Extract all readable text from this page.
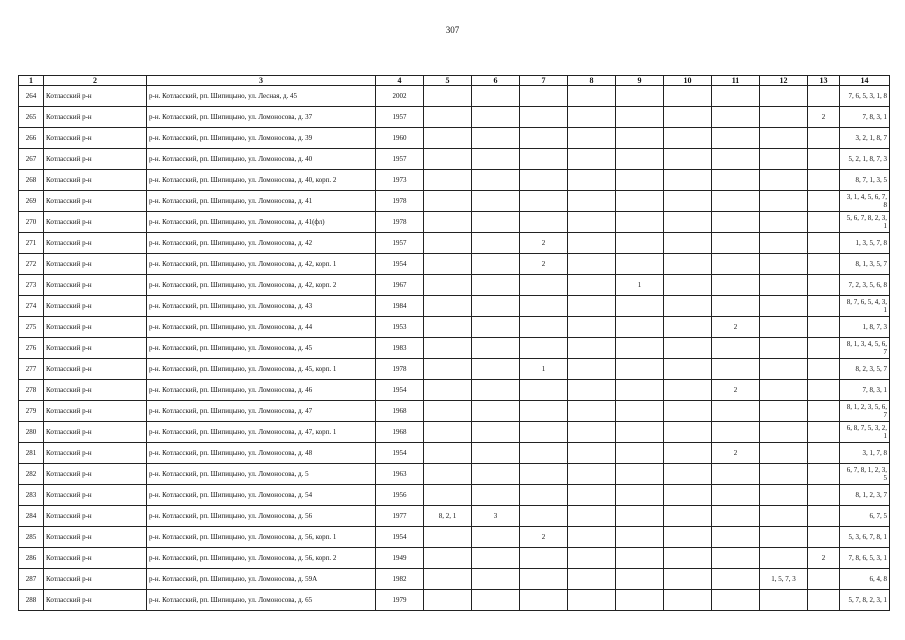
307
1	2	3	4	5	6	7	8	9	10	11	12	13	14
264	Котласский р-н	р-н. Котласский, рп. Шипицыно, ул. Лесная, д. 45	2002										7, 6, 5, 3, 1, 8
265	Котласский р-н	р-н. Котласский, рп. Шипицыно, ул. Ломоносова, д. 37	1957									2	7, 8, 3, 1
266	Котласский р-н	р-н. Котласский, рп. Шипицыно, ул. Ломоносова, д. 39	1960										3, 2, 1, 8, 7
267	Котласский р-н	р-н. Котласский, рп. Шипицыно, ул. Ломоносова, д. 40	1957										5, 2, 1, 8, 7, 3
268	Котласский р-н	р-н. Котласский, рп. Шипицыно, ул. Ломоносова, д. 40, корп. 2	1973										8, 7, 1, 3, 5
269	Котласский р-н	р-н. Котласский, рп. Шипицыно, ул. Ломоносова, д. 41	1978										3, 1, 4, 5, 6, 7, 8
270	Котласский р-н	р-н. Котласский, рп. Шипицыно, ул. Ломоносова, д. 41(фл)	1978										5, 6, 7, 8, 2, 3, 1
271	Котласский р-н	р-н. Котласский, рп. Шипицыно, ул. Ломоносова, д. 42	1957			2							1, 3, 5, 7, 8
272	Котласский р-н	р-н. Котласский, рп. Шипицыно, ул. Ломоносова, д. 42, корп. 1	1954			2							8, 1, 3, 5, 7
273	Котласский р-н	р-н. Котласский, рп. Шипицыно, ул. Ломоносова, д. 42, корп. 2	1967					1					7, 2, 3, 5, 6, 8
274	Котласский р-н	р-н. Котласский, рп. Шипицыно, ул. Ломоносова, д. 43	1984										8, 7, 6, 5, 4, 3, 1
275	Котласский р-н	р-н. Котласский, рп. Шипицыно, ул. Ломоносова, д. 44	1953							2			1, 8, 7, 3
276	Котласский р-н	р-н. Котласский, рп. Шипицыно, ул. Ломоносова, д. 45	1983										8, 1, 3, 4, 5, 6, 7
277	Котласский р-н	р-н. Котласский, рп. Шипицыно, ул. Ломоносова, д. 45, корп. 1	1978			1							8, 2, 3, 5, 7
278	Котласский р-н	р-н. Котласский, рп. Шипицыно, ул. Ломоносова, д. 46	1954							2			7, 8, 3, 1
279	Котласский р-н	р-н. Котласский, рп. Шипицыно, ул. Ломоносова, д. 47	1968										8, 1, 2, 3, 5, 6, 7
280	Котласский р-н	р-н. Котласский, рп. Шипицыно, ул. Ломоносова, д. 47, корп. 1	1968										6, 8, 7, 5, 3, 2, 1
281	Котласский р-н	р-н. Котласский, рп. Шипицыно, ул. Ломоносова, д. 48	1954							2			3, 1, 7, 8
282	Котласский р-н	р-н. Котласский, рп. Шипицыно, ул. Ломоносова, д. 5	1963										6, 7, 8, 1, 2, 3, 5
283	Котласский р-н	р-н. Котласский, рп. Шипицыно, ул. Ломоносова, д. 54	1956										8, 1, 2, 3, 7
284	Котласский р-н	р-н. Котласский, рп. Шипицыно, ул. Ломоносова, д. 56	1977	8, 2, 1	3								6, 7, 5
285	Котласский р-н	р-н. Котласский, рп. Шипицыно, ул. Ломоносова, д. 56, корп. 1	1954			2							5, 3, 6, 7, 8, 1
286	Котласский р-н	р-н. Котласский, рп. Шипицыно, ул. Ломоносова, д. 56, корп. 2	1949									2	7, 8, 6, 5, 3, 1
287	Котласский р-н	р-н. Котласский, рп. Шипицыно, ул. Ломоносова, д. 59А	1982								1, 5, 7, 3		6, 4, 8
288	Котласский р-н	р-н. Котласский, рп. Шипицыно, ул. Ломоносова, д. 65	1979										5, 7, 8, 2, 3, 1
